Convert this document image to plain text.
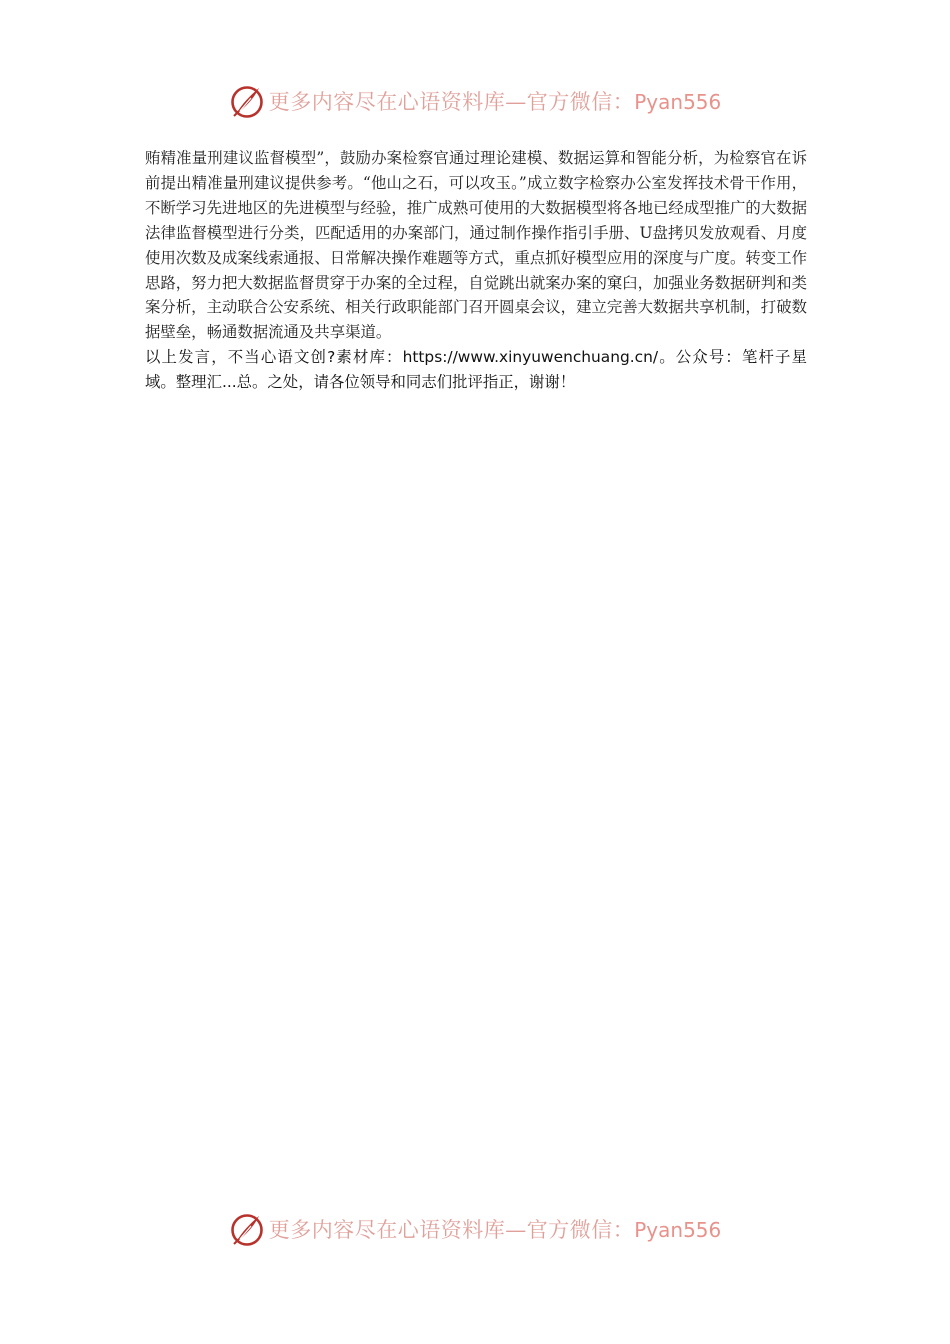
更多内容尽在心语资料库—官方微信：Pyan556

贿精准量刑建议监督模型”，鼓励办案检察官通过理论建模、数据运算和智能分析，为检察官在诉前提出精准量刑建议提供参考。“他山之石，可以攻玉。”成立数字检察办公室发挥技术骨干作用，不断学习先进地区的先进模型与经验，推广成熟可使用的大数据模型将各地已经成型推广的大数据法律监督模型进行分类，匹配适用的办案部门，通过制作操作指引手册、U盘拷贝发放观看、月度使用次数及成案线索通报、日常解决操作难题等方式，重点抓好模型应用的深度与广度。转变工作思路，努力把大数据监督贯穿于办案的全过程，自觉跳出就案办案的窠臼，加强业务数据研判和类案分析，主动联合公安系统、相关行政职能部门召开圆桌会议，建立完善大数据共享机制，打破数据壁垒，畅通数据流通及共享渠道。

以上发言，不当心语文创?素材库：https://www.xinyuwenchuang.cn/。公众号：笔杆子星域。整理汇...总。之处，请各位领导和同志们批评指正，谢谢！

更多内容尽在心语资料库—官方微信：Pyan556
